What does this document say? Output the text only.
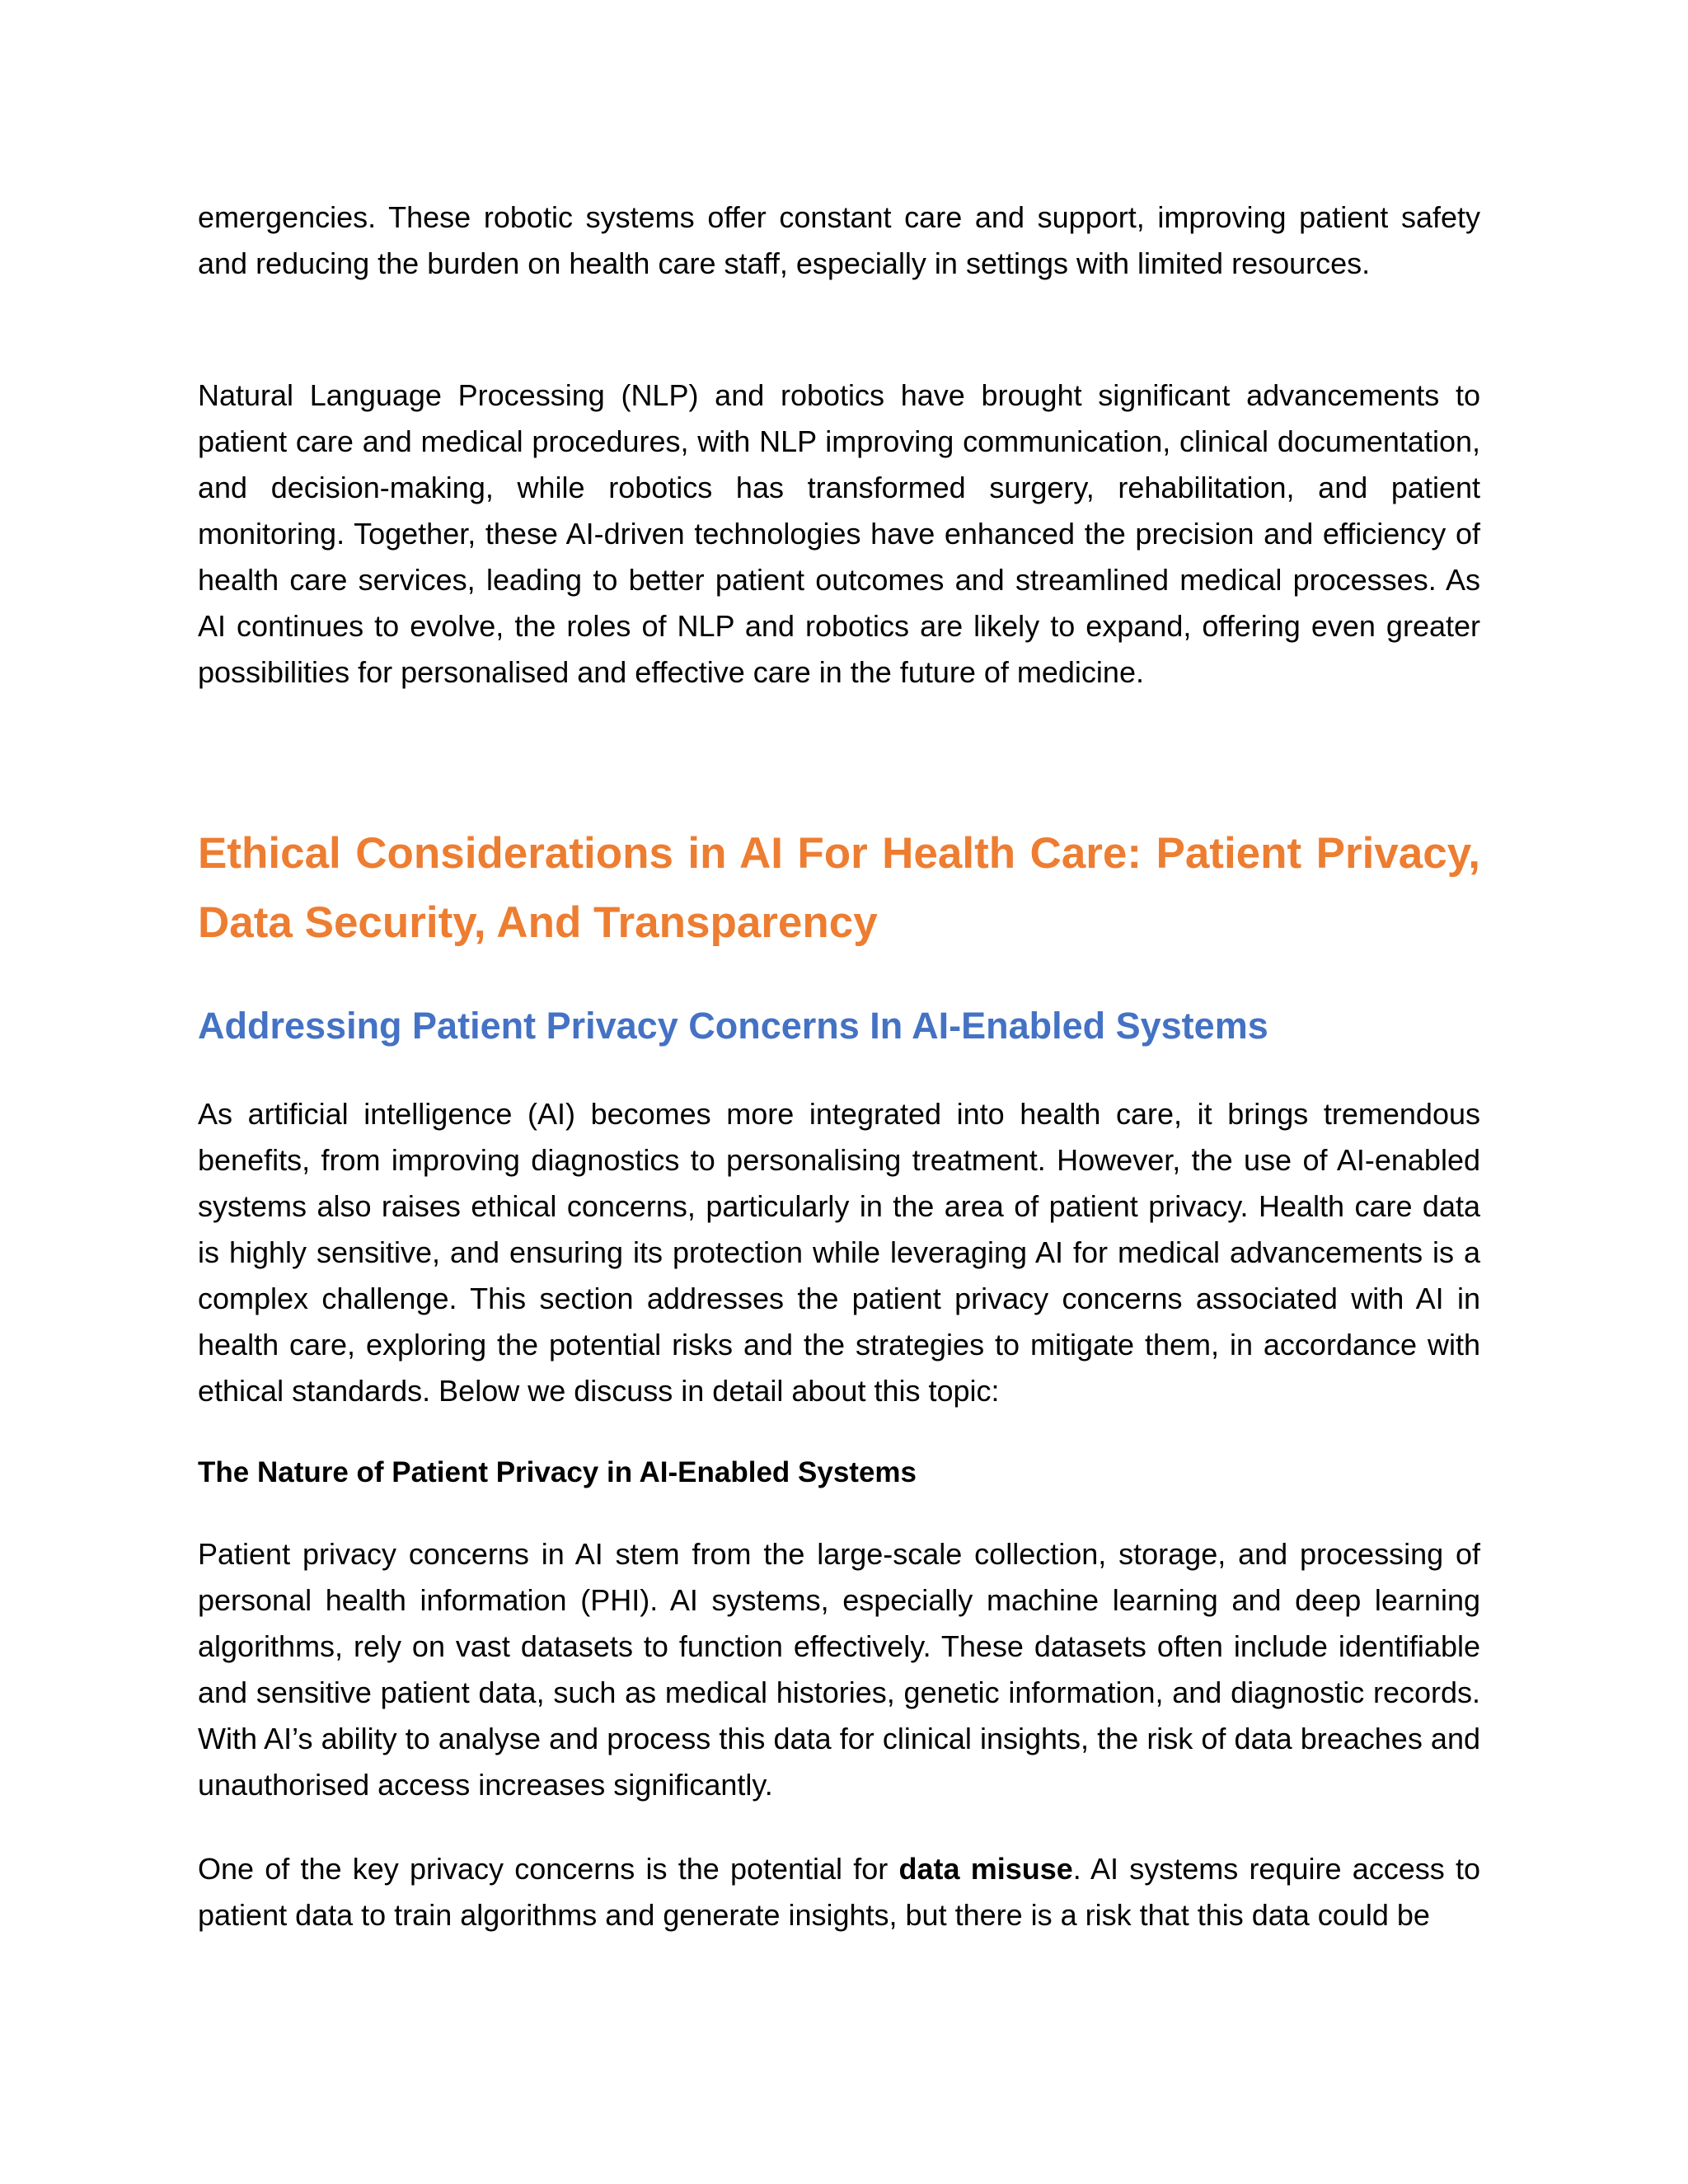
emergencies. These robotic systems offer constant care and support, improving patient safety and reducing the burden on health care staff, especially in settings with limited resources.

Natural Language Processing (NLP) and robotics have brought significant advancements to patient care and medical procedures, with NLP improving communication, clinical documentation, and decision-making, while robotics has transformed surgery, rehabilitation, and patient monitoring. Together, these AI-driven technologies have enhanced the precision and efficiency of health care services, leading to better patient outcomes and streamlined medical processes. As AI continues to evolve, the roles of NLP and robotics are likely to expand, offering even greater possibilities for personalised and effective care in the future of medicine.

Ethical Considerations in AI For Health Care: Patient Privacy, Data Security, And Transparency
Addressing Patient Privacy Concerns In AI-Enabled Systems

As artificial intelligence (AI) becomes more integrated into health care, it brings tremendous benefits, from improving diagnostics to personalising treatment. However, the use of AI-enabled systems also raises ethical concerns, particularly in the area of patient privacy. Health care data is highly sensitive, and ensuring its protection while leveraging AI for medical advancements is a complex challenge. This section addresses the patient privacy concerns associated with AI in health care, exploring the potential risks and the strategies to mitigate them, in accordance with ethical standards. Below we discuss in detail about this topic:

The Nature of Patient Privacy in AI-Enabled Systems

Patient privacy concerns in AI stem from the large-scale collection, storage, and processing of personal health information (PHI). AI systems, especially machine learning and deep learning algorithms, rely on vast datasets to function effectively. These datasets often include identifiable and sensitive patient data, such as medical histories, genetic information, and diagnostic records. With AI’s ability to analyse and process this data for clinical insights, the risk of data breaches and unauthorised access increases significantly.

One of the key privacy concerns is the potential for data misuse. AI systems require access to patient data to train algorithms and generate insights, but there is a risk that this data could be
